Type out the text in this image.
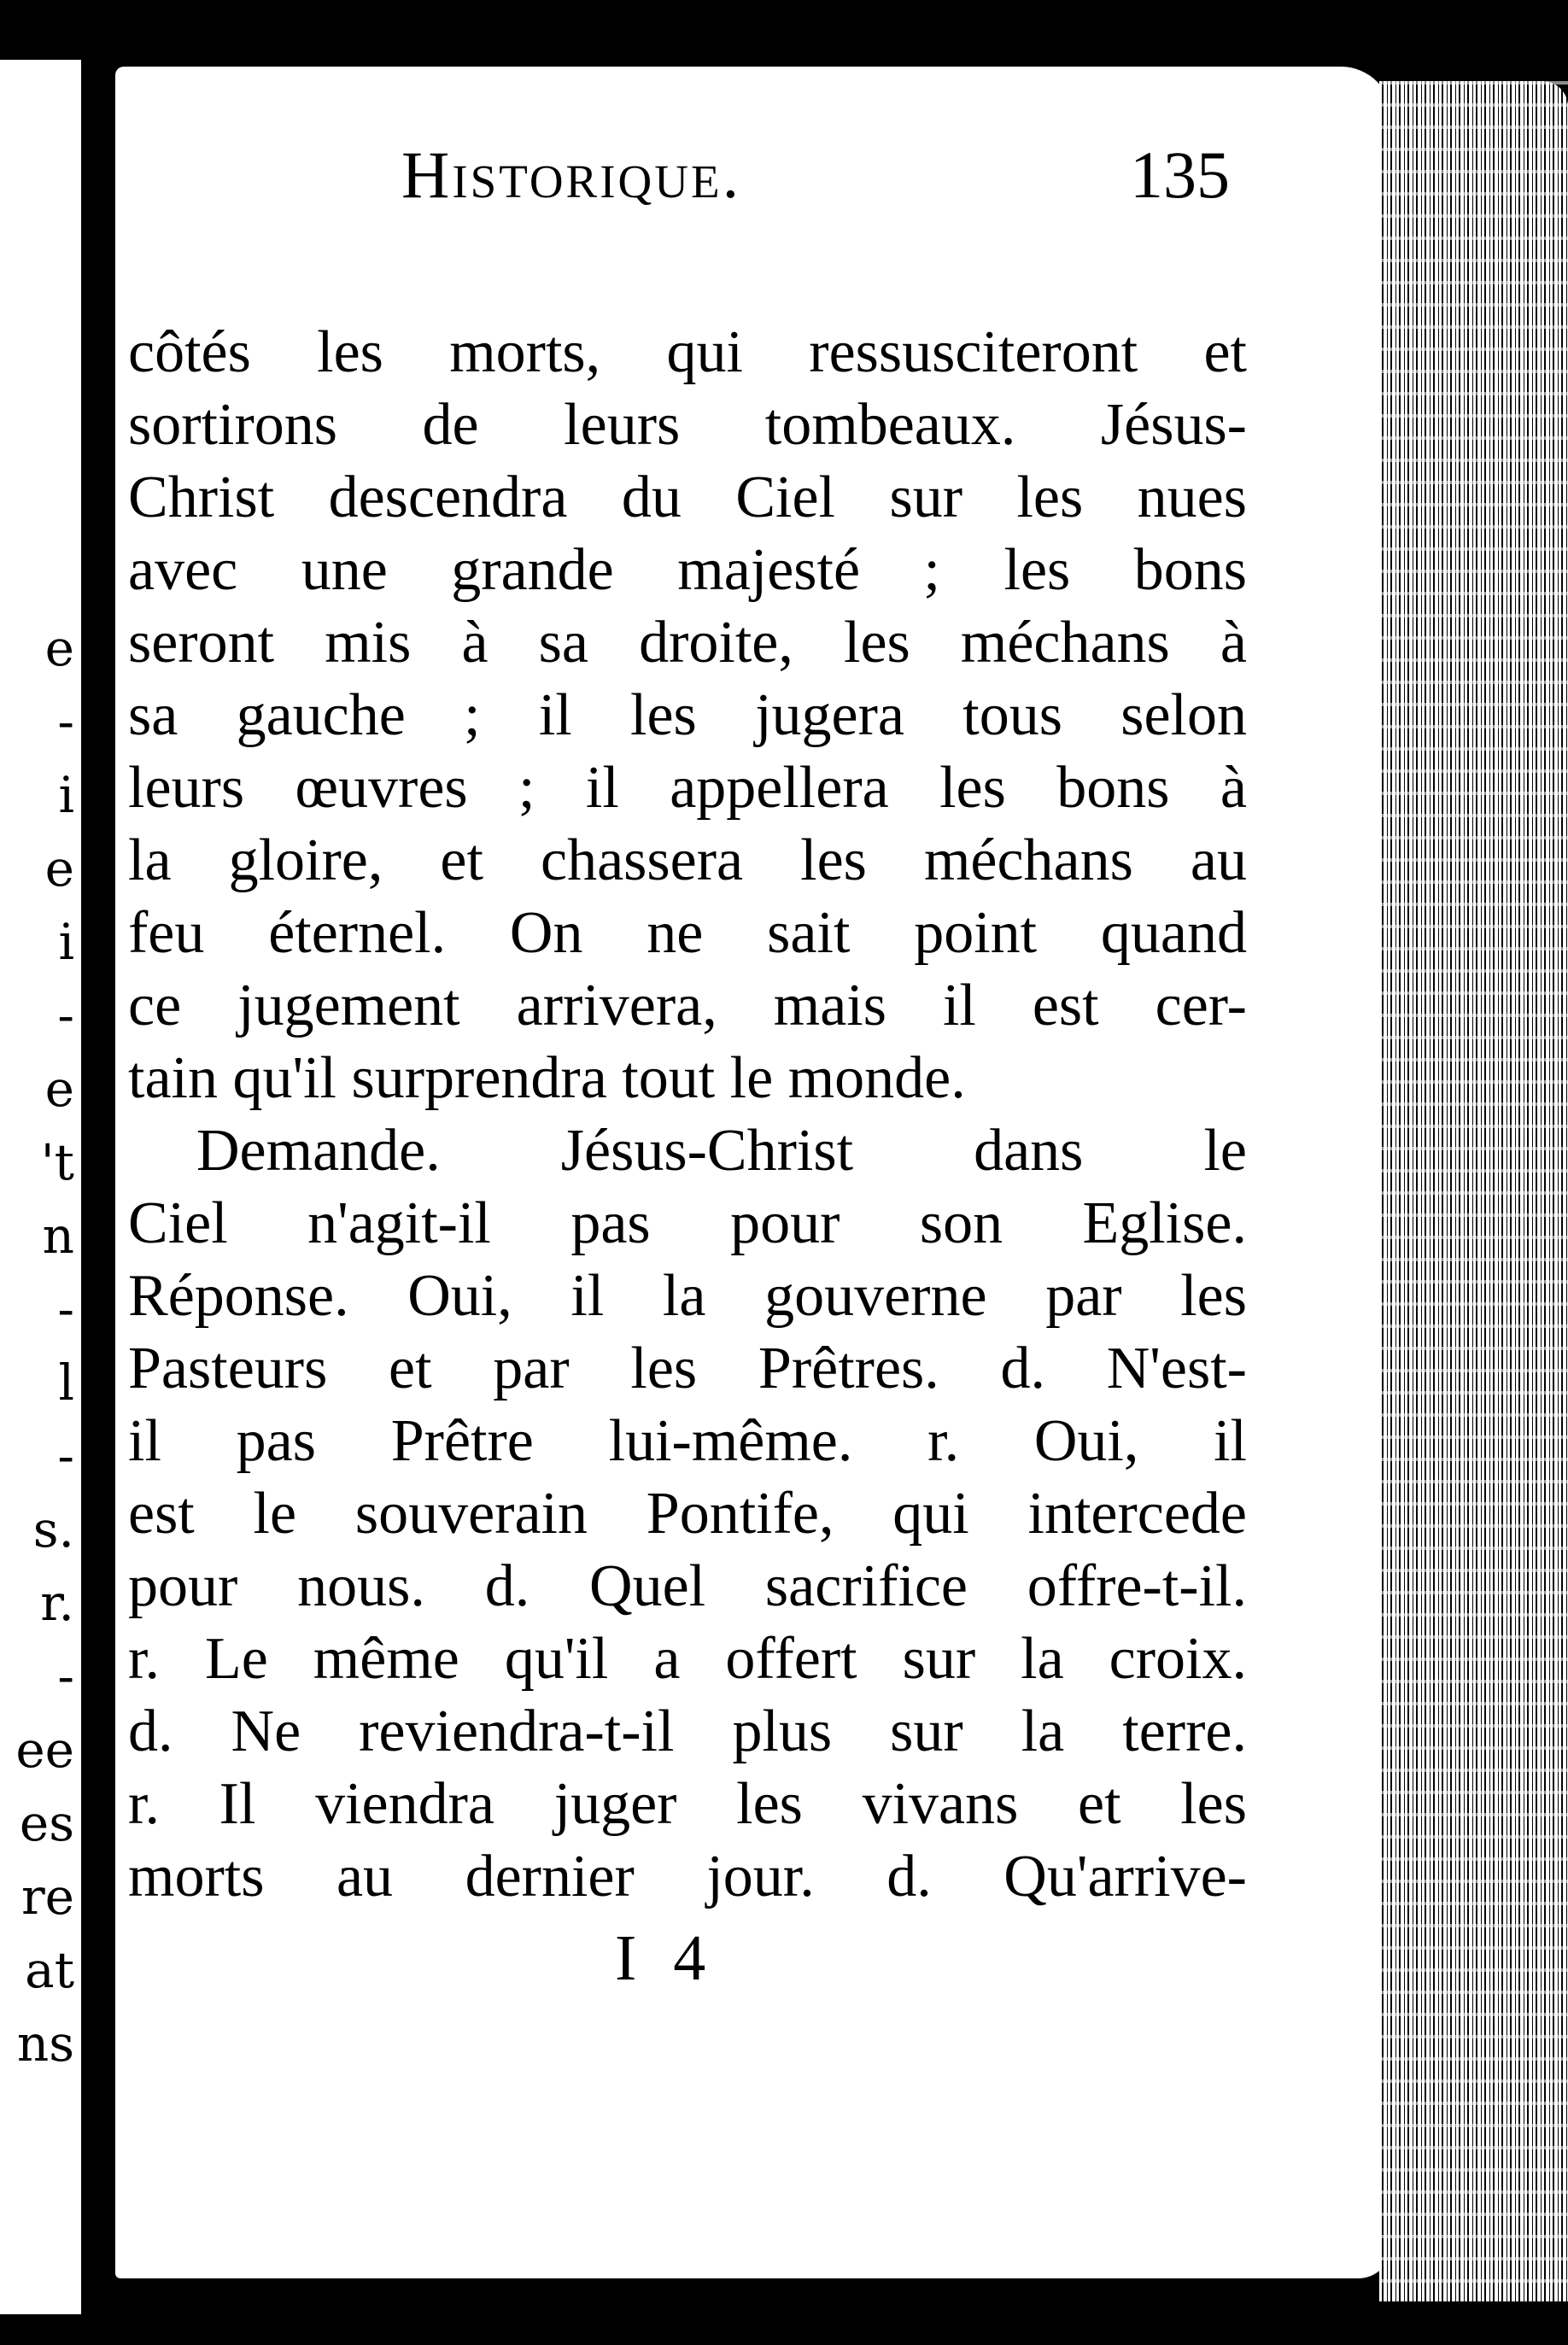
e
-
i
e
i
-
e
't
n
-
l
-
s.
r.
-
ee
es
re
at
ns
Historique.	135
côtés les morts, qui ressusciteront et
sortirons de leurs tombeaux. Jésus-
Christ descendra du Ciel sur les nues
avec une grande majesté ; les bons
seront mis à sa droite, les méchans à
sa gauche ; il les jugera tous selon
leurs œuvres ; il appellera les bons à
la gloire, et chassera les méchans au
feu éternel. On ne sait point quand
ce jugement arrivera, mais il est cer-
tain qu'il surprendra tout le monde.
Demande. Jésus-Christ dans le
Ciel n'agit-il pas pour son Eglise.
Réponse. Oui, il la gouverne par les
Pasteurs et par les Prêtres. d. N'est-
il pas Prêtre lui-même. r. Oui, il
est le souverain Pontife, qui intercede
pour nous. d. Quel sacrifice offre-t-il.
r. Le même qu'il a offert sur la croix.
d. Ne reviendra-t-il plus sur la terre.
r. Il viendra juger les vivans et les
morts au dernier jour. d. Qu'arrive-
I 4
